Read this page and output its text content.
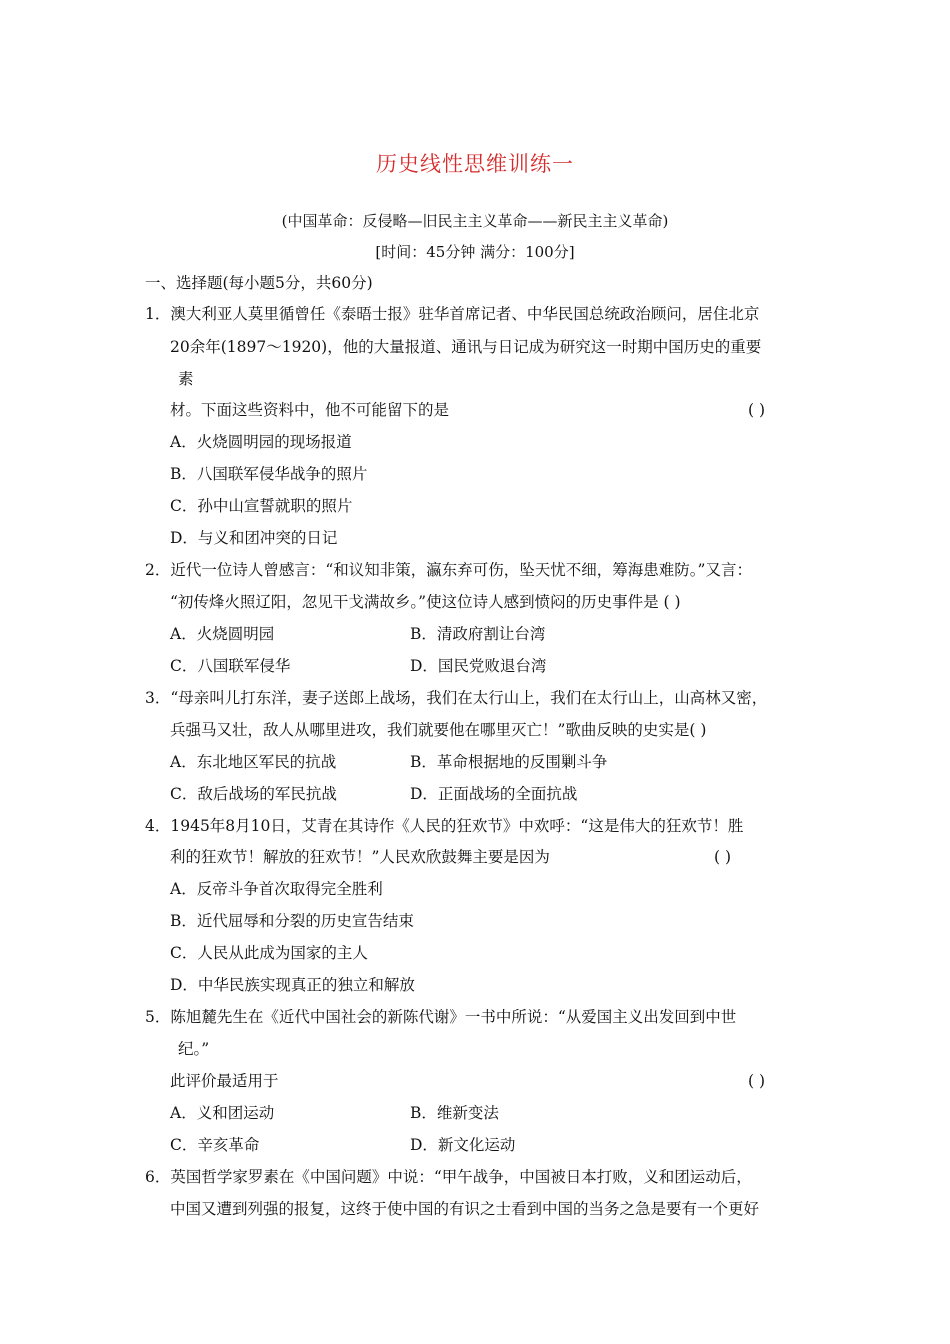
历史线性思维训练一
(中国革命：反侵略—旧民主主义革命——新民主主义革命)
[时间：45分钟 满分：100分]
一、选择题(每小题5分，共60分)
1．澳大利亚人莫里循曾任《泰晤士报》驻华首席记者、中华民国总统政治顾问，居住北京
20余年(1897～1920)，他的大量报道、通讯与日记成为研究这一时期中国历史的重要
素
材。下面这些资料中，他不可能留下的是	( )
A．火烧圆明园的现场报道
B．八国联军侵华战争的照片
C．孙中山宣誓就职的照片
D．与义和团冲突的日记
2．近代一位诗人曾感言：“和议知非策，瀛东弃可伤，坠天忧不细，筹海患难防。”又言：
“初传烽火照辽阳，忽见干戈满故乡。”使这位诗人感到愤闷的历史事件是 ( )
A．火烧圆明园	B．清政府割让台湾
C．八国联军侵华	D．国民党败退台湾
3．“母亲叫儿打东洋，妻子送郎上战场，我们在太行山上，我们在太行山上，山高林又密，
兵强马又壮，敌人从哪里进攻，我们就要他在哪里灭亡！”歌曲反映的史实是( )
A．东北地区军民的抗战	B．革命根据地的反围剿斗争
C．敌后战场的军民抗战	D．正面战场的全面抗战
4．1945年8月10日，艾青在其诗作《人民的狂欢节》中欢呼：“这是伟大的狂欢节！胜
利的狂欢节！解放的狂欢节！”人民欢欣鼓舞主要是因为	( )
A．反帝斗争首次取得完全胜利
B．近代屈辱和分裂的历史宣告结束
C．人民从此成为国家的主人
D．中华民族实现真正的独立和解放
5．陈旭麓先生在《近代中国社会的新陈代谢》一书中所说：“从爱国主义出发回到中世
纪。”
此评价最适用于	( )
A．义和团运动	B．维新变法
C．辛亥革命	D．新文化运动
6．英国哲学家罗素在《中国问题》中说：“甲午战争，中国被日本打败，义和团运动后，
中国又遭到列强的报复，这终于使中国的有识之士看到中国的当务之急是要有一个更好
